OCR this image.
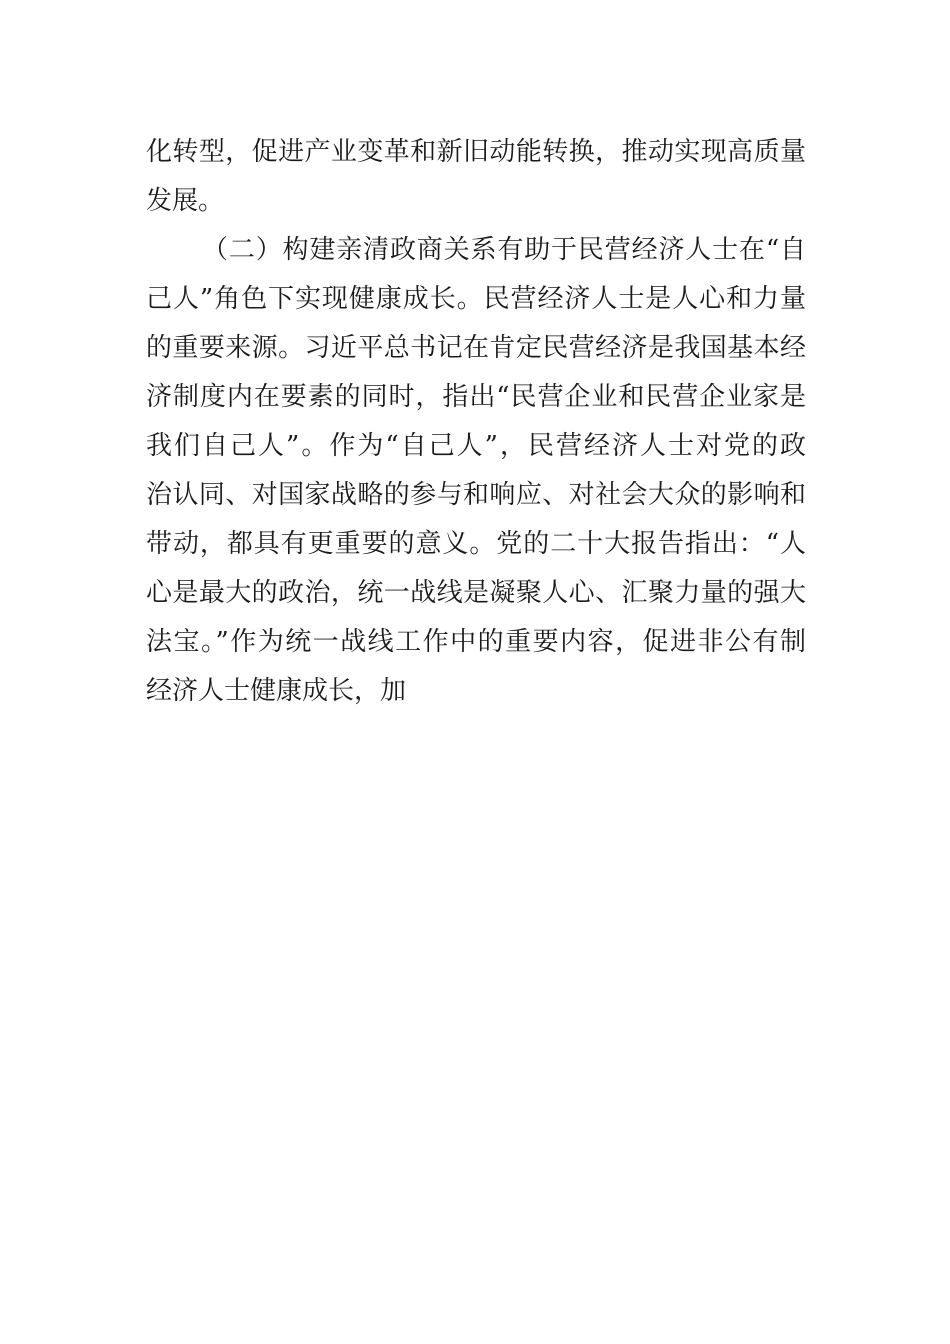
化转型，促进产业变革和新旧动能转换，推动实现高质量
发展。
（二）构建亲清政商关系有助于民营经济人士在“自
己人”角色下实现健康成长。民营经济人士是人心和力量
的重要来源。习近平总书记在肯定民营经济是我国基本经
济制度内在要素的同时，指出“民营企业和民营企业家是
我们自己人”。作为“自己人”，民营经济人士对党的政
治认同、对国家战略的参与和响应、对社会大众的影响和
带动，都具有更重要的意义。党的二十大报告指出：“人
心是最大的政治，统一战线是凝聚人心、汇聚力量的强大
法宝。”作为统一战线工作中的重要内容，促进非公有制
经济人士健康成长，加
